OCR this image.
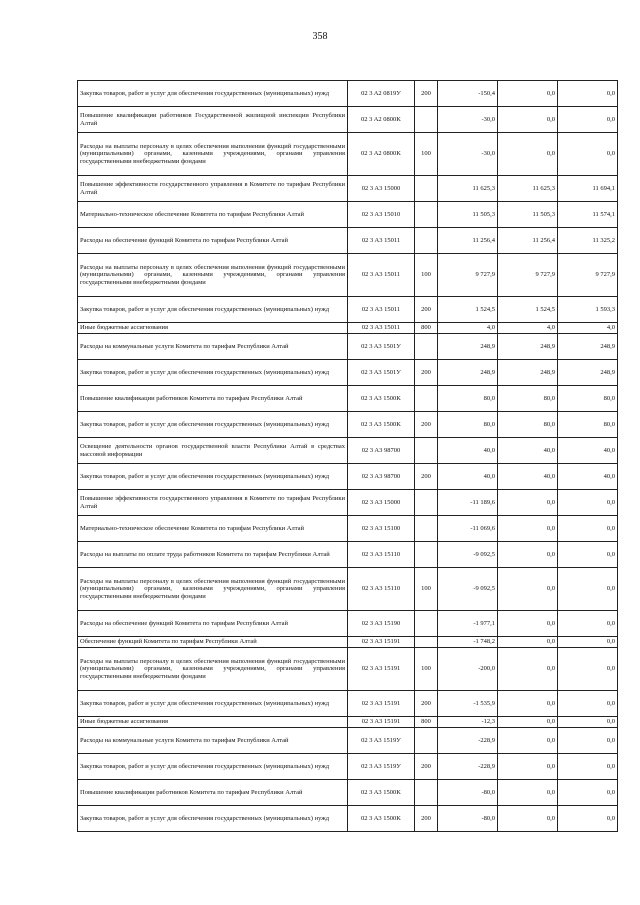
358
Закупка товаров, работ и услуг для обеспечения государственных (муниципальных) нужд	02 3 A2 0819У	200	-150,4	0,0	0,0
Повышение квалификации работников Государственной жилищной инспекции Республики Алтай	02 3 A2 0800K		-30,0	0,0	0,0
Расходы на выплаты персоналу в целях обеспечения выполнения функций государственными (муниципальными) органами, казенными учреждениями, органами управления государственными внебюджетными фондами	02 3 A2 0800K	100	-30,0	0,0	0,0
Повышение эффективности государственного управления в Комитете по тарифам Республики Алтай	02 3 A3 15000		11 625,3	11 625,3	11 694,1
Материально-техническое обеспечение Комитета по тарифам Республики Алтай	02 3 A3 15010		11 505,3	11 505,3	11 574,1
Расходы на обеспечение функций Комитета по тарифам Республики Алтай	02 3 A3 15011		11 256,4	11 256,4	11 325,2
Расходы на выплаты персоналу в целях обеспечения выполнения функций государственными (муниципальными) органами, казенными учреждениями, органами управления государственными внебюджетными фондами	02 3 A3 15011	100	9 727,9	9 727,9	9 727,9
Закупка товаров, работ и услуг для обеспечения государственных (муниципальных) нужд	02 3 A3 15011	200	1 524,5	1 524,5	1 593,3
Иные бюджетные ассигнования	02 3 A3 15011	800	4,0	4,0	4,0
Расходы на коммунальные услуги Комитета по тарифам Республики Алтай	02 3 A3 1501У		248,9	248,9	248,9
Закупка товаров, работ и услуг для обеспечения государственных (муниципальных) нужд	02 3 A3 1501У	200	248,9	248,9	248,9
Повышение квалификации работников Комитета по тарифам Республики Алтай	02 3 A3 1500K		80,0	80,0	80,0
Закупка товаров, работ и услуг для обеспечения государственных (муниципальных) нужд	02 3 A3 1500K	200	80,0	80,0	80,0
Освещение деятельности органов государственной власти Республики Алтай в средствах массовой информации	02 3 A3 98700		40,0	40,0	40,0
Закупка товаров, работ и услуг для обеспечения государственных (муниципальных) нужд	02 3 A3 98700	200	40,0	40,0	40,0
Повышение эффективности государственного управления в Комитете по тарифам Республики Алтай	02 3 A3 15000		-11 189,6	0,0	0,0
Материально-техническое обеспечение Комитета по тарифам Республики Алтай	02 3 A3 15100		-11 069,6	0,0	0,0
Расходы на выплаты по оплате труда работников Комитета по тарифам Республики Алтай	02 3 A3 15110		-9 092,5	0,0	0,0
Расходы на выплаты персоналу в целях обеспечения выполнения функций государственными (муниципальными) органами, казенными учреждениями, органами управления государственными внебюджетными фондами	02 3 A3 15110	100	-9 092,5	0,0	0,0
Расходы на обеспечение функций Комитета по тарифам Республики Алтай	02 3 A3 15190		-1 977,1	0,0	0,0
Обеспечение функций Комитета по тарифам Республики Алтай	02 3 A3 15191		-1 748,2	0,0	0,0
Расходы на выплаты персоналу в целях обеспечения выполнения функций государственными (муниципальными) органами, казенными учреждениями, органами управления государственными внебюджетными фондами	02 3 A3 15191	100	-200,0	0,0	0,0
Закупка товаров, работ и услуг для обеспечения государственных (муниципальных) нужд	02 3 A3 15191	200	-1 535,9	0,0	0,0
Иные бюджетные ассигнования	02 3 A3 15191	800	-12,3	0,0	0,0
Расходы на коммунальные услуги Комитета по тарифам Республики Алтай	02 3 A3 1519У		-228,9	0,0	0,0
Закупка товаров, работ и услуг для обеспечения государственных (муниципальных) нужд	02 3 A3 1519У	200	-228,9	0,0	0,0
Повышение квалификации работников Комитета по тарифам Республики Алтай	02 3 A3 1500K		-80,0	0,0	0,0
Закупка товаров, работ и услуг для обеспечения государственных (муниципальных) нужд	02 3 A3 1500K	200	-80,0	0,0	0,0
